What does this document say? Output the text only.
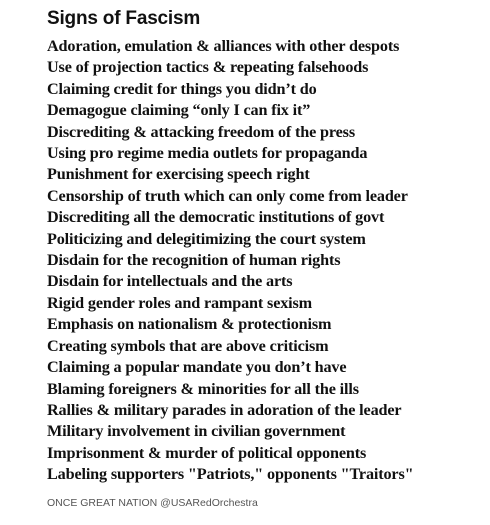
Signs of Fascism
Adoration, emulation & alliances with other despots
Use of projection tactics & repeating falsehoods
Claiming credit for things you didn’t do
Demagogue claiming “only I can fix it”
Discrediting & attacking freedom of the press
Using pro regime media outlets for propaganda
Punishment for exercising speech right
Censorship of truth which can only come from leader
Discrediting all the democratic institutions of govt
Politicizing and delegitimizing the court system
Disdain for the recognition of human rights
Disdain for intellectuals and the arts
Rigid gender roles and rampant sexism
Emphasis on nationalism & protectionism
Creating symbols that are above criticism
Claiming a popular mandate you don’t have
Blaming foreigners & minorities for all the ills
Rallies & military parades in adoration of the leader
Military involvement in civilian government
Imprisonment & murder of political opponents
Labeling supporters "Patriots," opponents "Traitors"
ONCE GREAT NATION @USARedOrchestra
